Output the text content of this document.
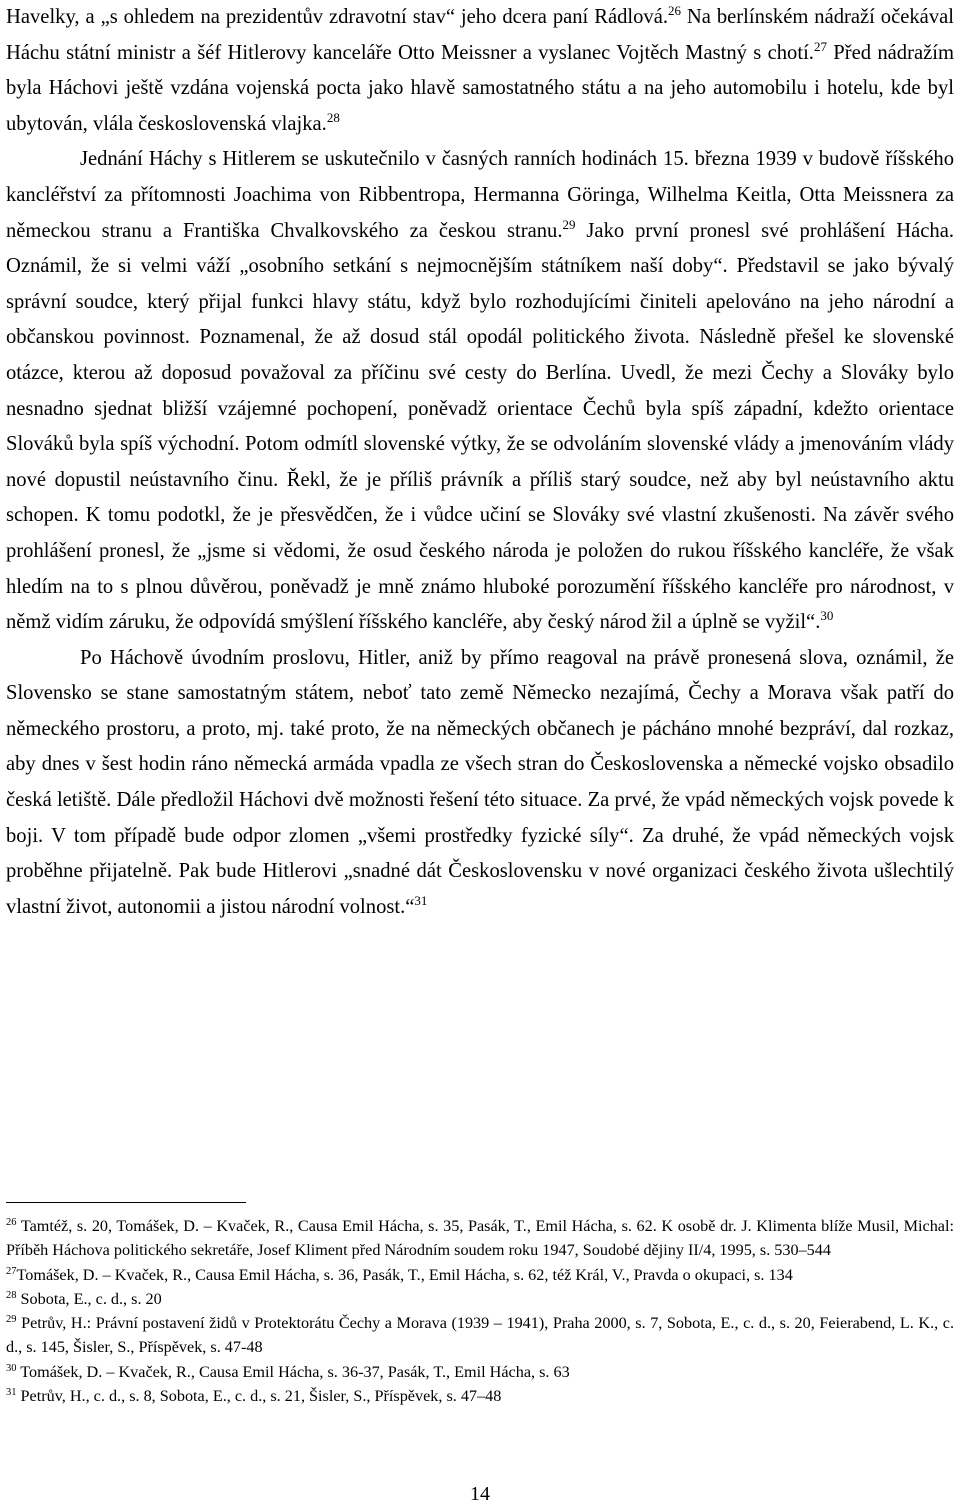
Havelky, a „s ohledem na prezidentův zdravotní stav“ jeho dcera paní Rádlová.$^{26}$ Na berlínském nádraží očekával Háchu státní ministr a šéf Hitlerovy kanceláře Otto Meissner a vyslanec Vojtěch Mastný s chotí.$^{27}$ Před nádražím byla Háchovi ještě vzdána vojenská pocta jako hlavě samostatného státu a na jeho automobilu i hotelu, kde byl ubytován, vlála československá vlajka.$^{28}$

Jednání Háchy s Hitlerem se uskutečnilo v časných ranních hodinách 15. března 1939 v budově říšského kancléřství za přítomnosti Joachima von Ribbentropa, Hermanna Göringa, Wilhelma Keitla, Otta Meissnera za německou stranu a Františka Chvalkovského za českou stranu.$^{29}$ Jako první pronesl své prohlášení Hácha. Oznámil, že si velmi váží „osobního setkání s nejmocnějším státníkem naší doby“. Představil se jako bývalý správní soudce, který přijal funkci hlavy státu, když bylo rozhodujícími činiteli apelováno na jeho národní a občanskou povinnost. Poznamenal, že až dosud stál opodál politického života. Následně přešel ke slovenské otázce, kterou až doposud považoval za příčinu své cesty do Berlína. Uvedl, že mezi Čechy a Slováky bylo nesnadno sjednat bližší vzájemné pochopení, poněvadž orientace Čechů byla spíš západní, kdežto orientace Slováků byla spíš východní. Potom odmítl slovenské výtky, že se odvoláním slovenské vlády a jmenováním vlády nové dopustil neústavního činu. Řekl, že je příliš právník a příliš starý soudce, než aby byl neústavního aktu schopen. K tomu podotkl, že je přesvědčen, že i vůdce učiní se Slováky své vlastní zkušenosti. Na závěr svého prohlášení pronesl, že „jsme si vědomi, že osud českého národa je položen do rukou říšského kancléře, že však hledím na to s plnou důvěrou, poněvadž je mně známo hluboké porozumění říšského kancléře pro národnost, v němž vidím záruku, že odpovídá smýšlení říšského kancléře, aby český národ žil a úplně se vyžil“.$^{30}$

Po Háchově úvodním proslovu, Hitler, aniž by přímo reagoval na právě pronesená slova, oznámil, že Slovensko se stane samostatným státem, neboť tato země Německo nezajímá, Čechy a Morava však patří do německého prostoru, a proto, mj. také proto, že na německých občanech je pácháno mnohé bezpráví, dal rozkaz, aby dnes v šest hodin ráno německá armáda vpadla ze všech stran do Československa a německé vojsko obsadilo česká letiště. Dále předložil Háchovi dvě možnosti řešení této situace. Za prvé, že vpád německých vojsk povede k boji. V tom případě bude odpor zlomen „všemi prostředky fyzické síly“. Za druhé, že vpád německých vojsk proběhne přijatelně. Pak bude Hitlerovi „snadné dát Československu v nové organizaci českého života ušlechtilý vlastní život, autonomii a jistou národní volnost.“$^{31}$

$^{26}$ Tamtéž, s. 20, Tomášek, D. – Kvaček, R., Causa Emil Hácha, s. 35, Pasák, T., Emil Hácha, s. 62. K osobě dr. J. Klimenta blíže Musil, Michal: Příběh Háchova politického sekretáře, Josef Kliment před Národním soudem roku 1947, Soudobé dějiny II/4, 1995, s. 530–544

$^{27}$Tomášek, D. – Kvaček, R., Causa Emil Hácha, s. 36, Pasák, T., Emil Hácha, s. 62, též Král, V., Pravda o okupaci, s. 134

$^{28}$ Sobota, E., c. d., s. 20

$^{29}$ Petrův, H.: Právní postavení židů v Protektorátu Čechy a Morava (1939 – 1941), Praha 2000, s. 7, Sobota, E., c. d., s. 20, Feierabend, L. K., c. d., s. 145, Šisler, S., Příspěvek, s. 47-48

$^{30}$ Tomášek, D. – Kvaček, R., Causa Emil Hácha, s. 36-37, Pasák, T., Emil Hácha, s. 63

$^{31}$ Petrův, H., c. d., s. 8, Sobota, E., c. d., s. 21, Šisler, S., Příspěvek, s. 47–48

14
